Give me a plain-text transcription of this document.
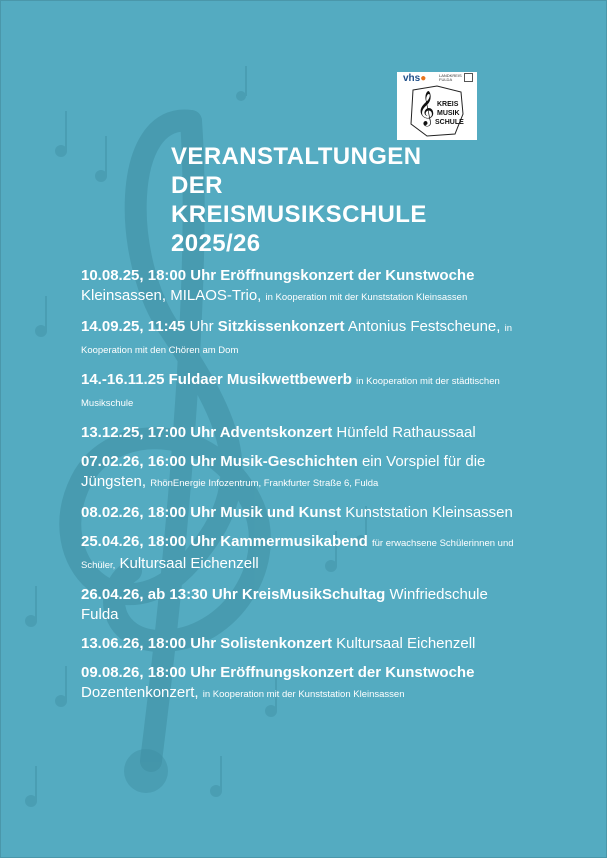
vhs●	LANDKREIS FULDA
𝄞 KREIS
MUSIK
SCHULE
VERANSTALTUNGEN
DER
KREISMUSIKSCHULE
2025/26
10.08.25, 18:00 Uhr Eröffnungskonzert der Kunstwoche Kleinsassen, MILAOS-Trio, in Kooperation mit der Kunststation Kleinsassen
14.09.25, 11:45 Uhr Sitzkissenkonzert Antonius Festscheune, in Kooperation mit den Chören am Dom
14.-16.11.25 Fuldaer Musikwettbewerb in Kooperation mit der städtischen Musikschule
13.12.25, 17:00 Uhr Adventskonzert Hünfeld Rathaussaal
07.02.26, 16:00 Uhr Musik-Geschichten ein Vorspiel für die Jüngsten, RhönEnergie Infozentrum, Frankfurter Straße 6, Fulda
08.02.26, 18:00 Uhr Musik und Kunst Kunststation Kleinsassen
25.04.26, 18:00 Uhr Kammermusikabend für erwachsene Schülerinnen und Schüler, Kultursaal Eichenzell
26.04.26, ab 13:30 Uhr KreisMusikSchultag Winfriedschule Fulda
13.06.26, 18:00 Uhr Solistenkonzert Kultursaal Eichenzell
09.08.26, 18:00 Uhr Eröffnungskonzert der Kunstwoche Dozentenkonzert, in Kooperation mit der Kunststation Kleinsassen
